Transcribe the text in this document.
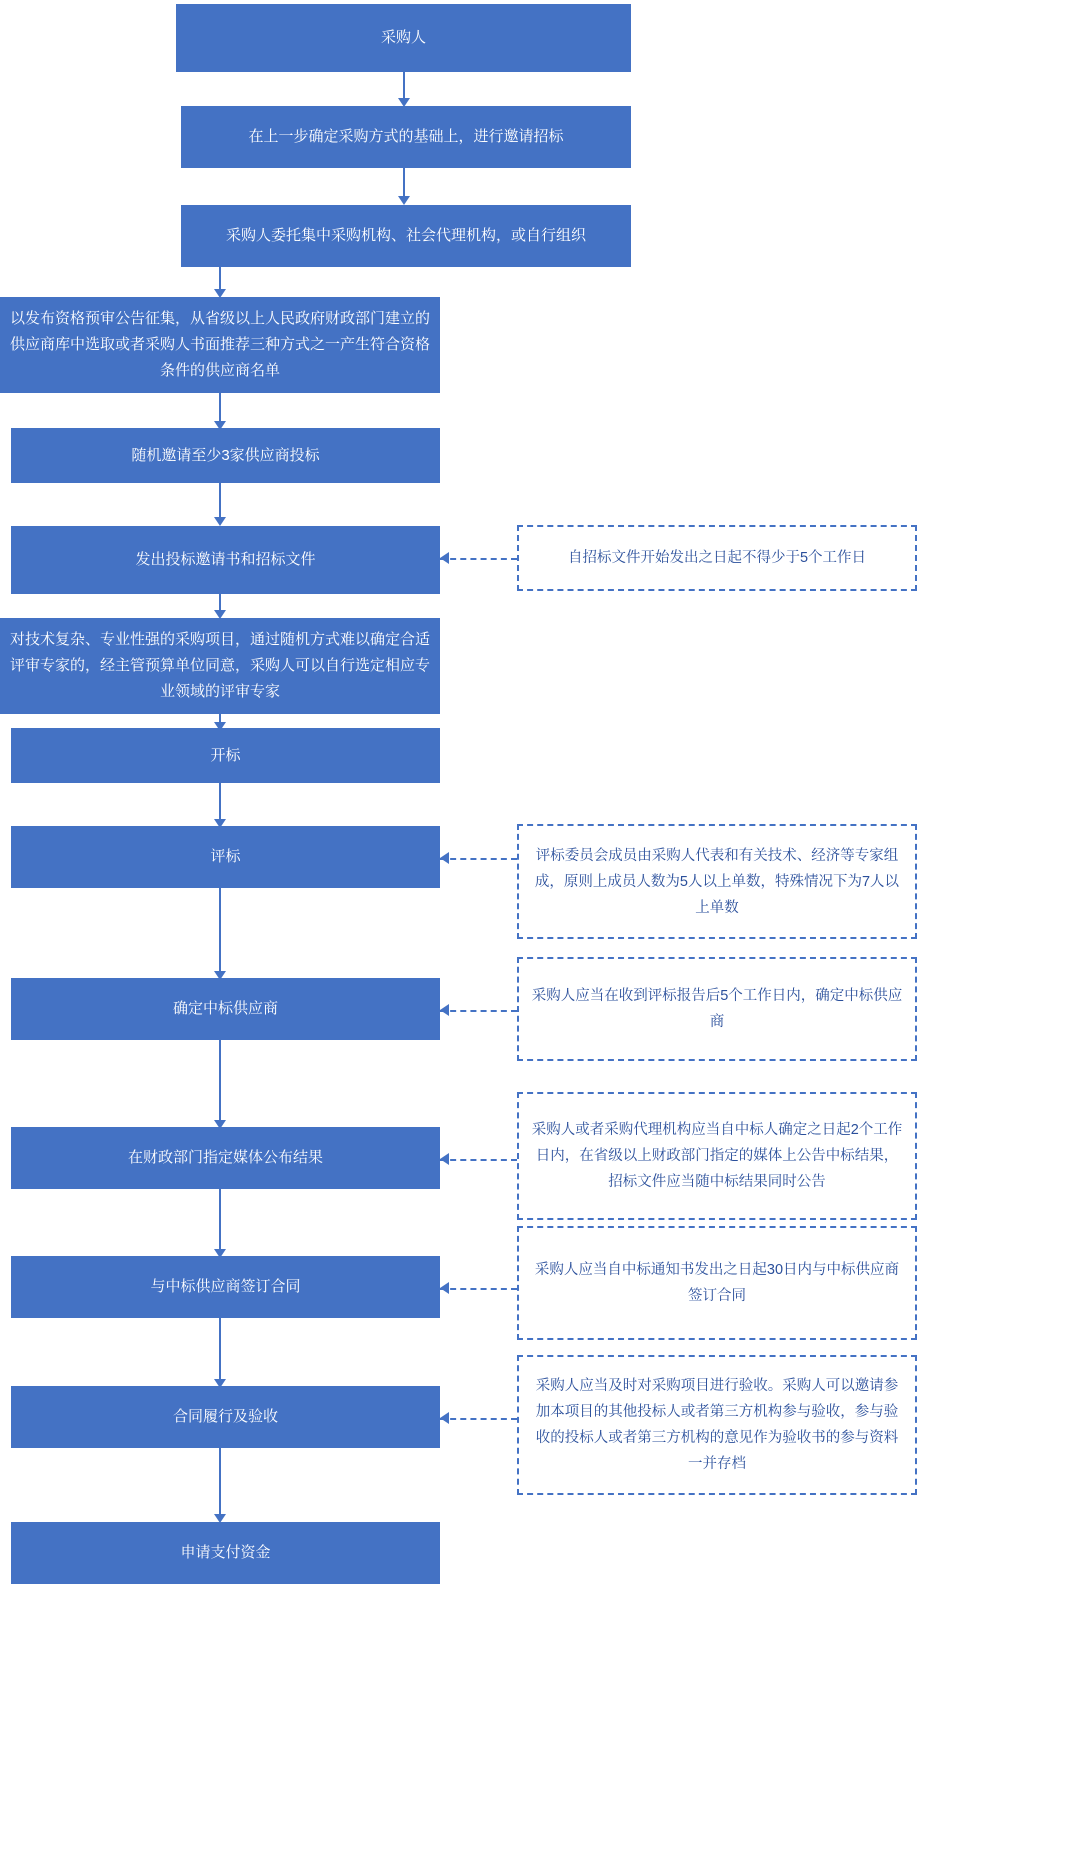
采购人
在上一步确定采购方式的基础上，进行邀请招标
采购人委托集中采购机构、社会代理机构，或自行组织
以发布资格预审公告征集，从省级以上人民政府财政部门建立的供应商库中选取或者采购人书面推荐三种方式之一产生符合资格条件的供应商名单
随机邀请至少3家供应商投标
发出投标邀请书和招标文件	自招标文件开始发出之日起不得少于5个工作日
对技术复杂、专业性强的采购项目，通过随机方式难以确定合适评审专家的，经主管预算单位同意，采购人可以自行选定相应专业领域的评审专家
开标
评标	评标委员会成员由采购人代表和有关技术、经济等专家组成，原则上成员人数为5人以上单数，特殊情况下为7人以上单数
确定中标供应商
采购人应当在收到评标报告后5个工作日内，确定中标供应商
在财政部门指定媒体公布结果
采购人或者采购代理机构应当自中标人确定之日起2个工作日内，在省级以上财政部门指定的媒体上公告中标结果，招标文件应当随中标结果同时公告
与中标供应商签订合同
采购人应当自中标通知书发出之日起30日内与中标供应商签订合同
合同履行及验收
采购人应当及时对采购项目进行验收。采购人可以邀请参加本项目的其他投标人或者第三方机构参与验收，参与验收的投标人或者第三方机构的意见作为验收书的参与资料一并存档
申请支付资金
